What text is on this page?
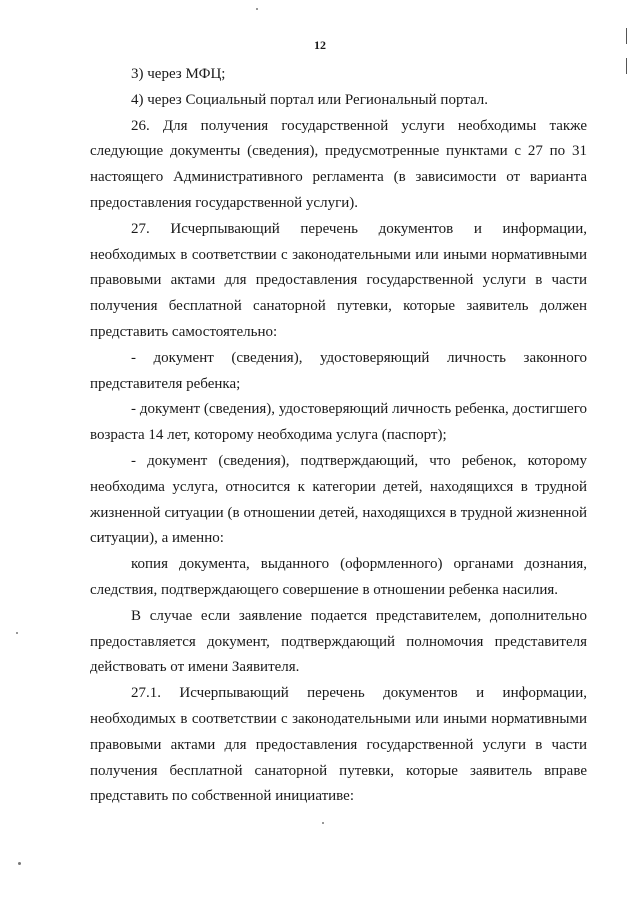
12

3) через МФЦ;

4) через Социальный портал или Региональный портал.

26. Для получения государственной услуги необходимы также следующие документы (сведения), предусмотренные пунктами с 27 по 31 настоящего Административного регламента (в зависимости от варианта предоставления государственной услуги).

27. Исчерпывающий перечень документов и информации, необходимых в соответствии с законодательными или иными нормативными правовыми актами для предоставления государственной услуги в части получения бесплатной санаторной путевки, которые заявитель должен представить самостоятельно:

- документ (сведения), удостоверяющий личность законного представителя ребенка;

- документ (сведения), удостоверяющий личность ребенка, достигшего возраста 14 лет, которому необходима услуга (паспорт);

- документ (сведения), подтверждающий, что ребенок, которому необходима услуга, относится к категории детей, находящихся в трудной жизненной ситуации (в отношении детей, находящихся в трудной жизненной ситуации), а именно:

копия документа, выданного (оформленного) органами дознания, следствия, подтверждающего совершение в отношении ребенка насилия.

В случае если заявление подается представителем, дополнительно предоставляется документ, подтверждающий полномочия представителя действовать от имени Заявителя.

27.1. Исчерпывающий перечень документов и информации, необходимых в соответствии с законодательными или иными нормативными правовыми актами для предоставления государственной услуги в части получения бесплатной санаторной путевки, которые заявитель вправе представить по собственной инициативе:
